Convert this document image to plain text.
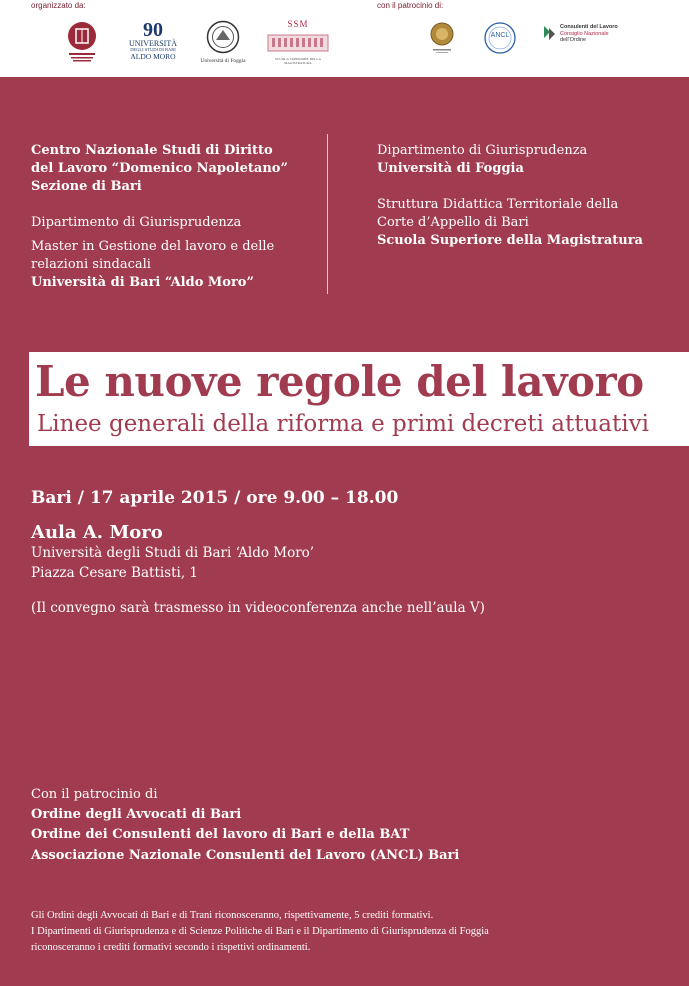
organizzato da:	con il patrocinio di:
90
UNIVERSITÀ
DEGLI STUDI DI BARI
ALDO MORO	Università di Foggia
SSM
SCUOLA SUPERIORE DELLA MAGISTRATURA
ANCL
Consulenti del Lavoro
Consiglio Nazionale
dell'Ordine

Centro Nazionale Studi di Diritto

del Lavoro “Domenico Napoletano”

Sezione di Bari

Dipartimento di Giurisprudenza

Master in Gestione del lavoro e delle

relazioni sindacali

Università di Bari “Aldo Moro”

Dipartimento di Giurisprudenza

Università di Foggia

Struttura Didattica Territoriale della

Corte d’Appello di Bari

Scuola Superiore della Magistratura

Le nuove regole del lavoro
Linee generali della riforma e primi decreti attuativi
Bari / 17 aprile 2015 / ore 9.00 – 18.00
Aula A. Moro
Università degli Studi di Bari ‘Aldo Moro’
Piazza Cesare Battisti, 1
(Il convegno sarà trasmesso in videoconferenza anche nell’aula V)
Con il patrocinio di
Ordine degli Avvocati di Bari
Ordine dei Consulenti del lavoro di Bari e della BAT
Associazione Nazionale Consulenti del Lavoro (ANCL) Bari
Gli Ordini degli Avvocati di Bari e di Trani riconosceranno, rispettivamente, 5 crediti formativi.
I Dipartimenti di Giurisprudenza e di Scienze Politiche di Bari e il Dipartimento di Giurisprudenza di Foggia
riconosceranno i crediti formativi secondo i rispettivi ordinamenti.
